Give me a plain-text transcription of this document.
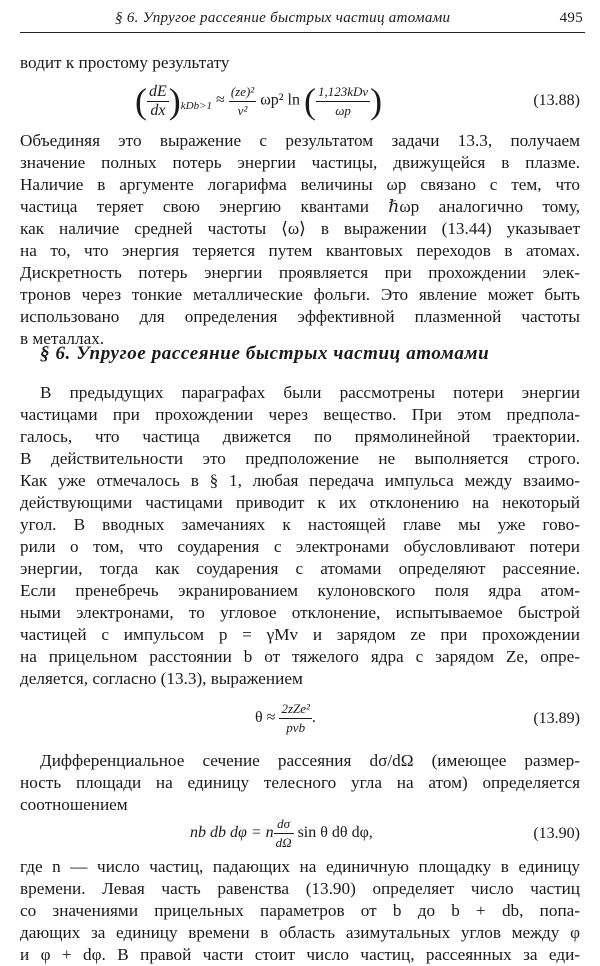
§ 6. Упругое рассеяние быстрых частиц атомами	495
водит к простому результату
( $\frac{dE}{dx} )_{kDb>1} \approx \frac{\text{(ze)²}}{\text{v²}} \omega p^2$ ln ( $\frac{\text{1,123kDv}}{\omega p}$ )	(13.88)
Объединяя это выражение с результатом задачи 13.3, получаем
значение полных потерь энергии частицы, движущейся в плазме.
Наличие в аргументе логарифма величины ωp связано с тем, что
частица теряет свою энергию квантами ℏωp аналогично тому,
как наличие средней частоты ⟨ω⟩ в выражении (13.44) указывает
на то, что энергия теряется путем квантовых переходов в атомах.
Дискретность потерь энергии проявляется при прохождении элек-
тронов через тонкие металлические фольги. Это явление может быть
использовано для определения эффективной плазменной частоты
в металлах.
§ 6. Упругое рассеяние быстрых частиц атомами
В предыдущих параграфах были рассмотрены потери энергии
частицами при прохождении через вещество. При этом предпола-
галось, что частица движется по прямолинейной траектории.
В действительности это предположение не выполняется строго.
Как уже отмечалось в § 1, любая передача импульса между взаимо-
действующими частицами приводит к их отклонению на некоторый
угол. В вводных замечаниях к настоящей главе мы уже гово-
рили о том, что соударения с электронами обусловливают потери
энергии, тогда как соударения с атомами определяют рассеяние.
Если пренебречь экранированием кулоновского поля ядра атом-
ными электронами, то угловое отклонение, испытываемое быстрой
частицей с импульсом p = γMv и зарядом ze при прохождении
на прицельном расстоянии b от тяжелого ядра с зарядом Ze, опре-
деляется, согласно (13.3), выражением
$\theta \approx \frac{\text{2zZe²}}{\text{pvb}}$ .	(13.89)
Дифференциальное сечение рассеяния dσ/dΩ (имеющее размер-
ность площади на единицу телесного угла на атом) определяется
соотношением
nb db dφ = n $\frac{d\sigma}{d\Omega}$ sin θ dθ dφ,	(13.90)
где n — число частиц, падающих на единичную площадку в единицу
времени. Левая часть равенства (13.90) определяет число частиц
со значениями прицельных параметров от b до b + db, попа-
дающих за единицу времени в область азимутальных углов между φ
и φ + dφ. В правой части стоит число частиц, рассеянных за еди-
